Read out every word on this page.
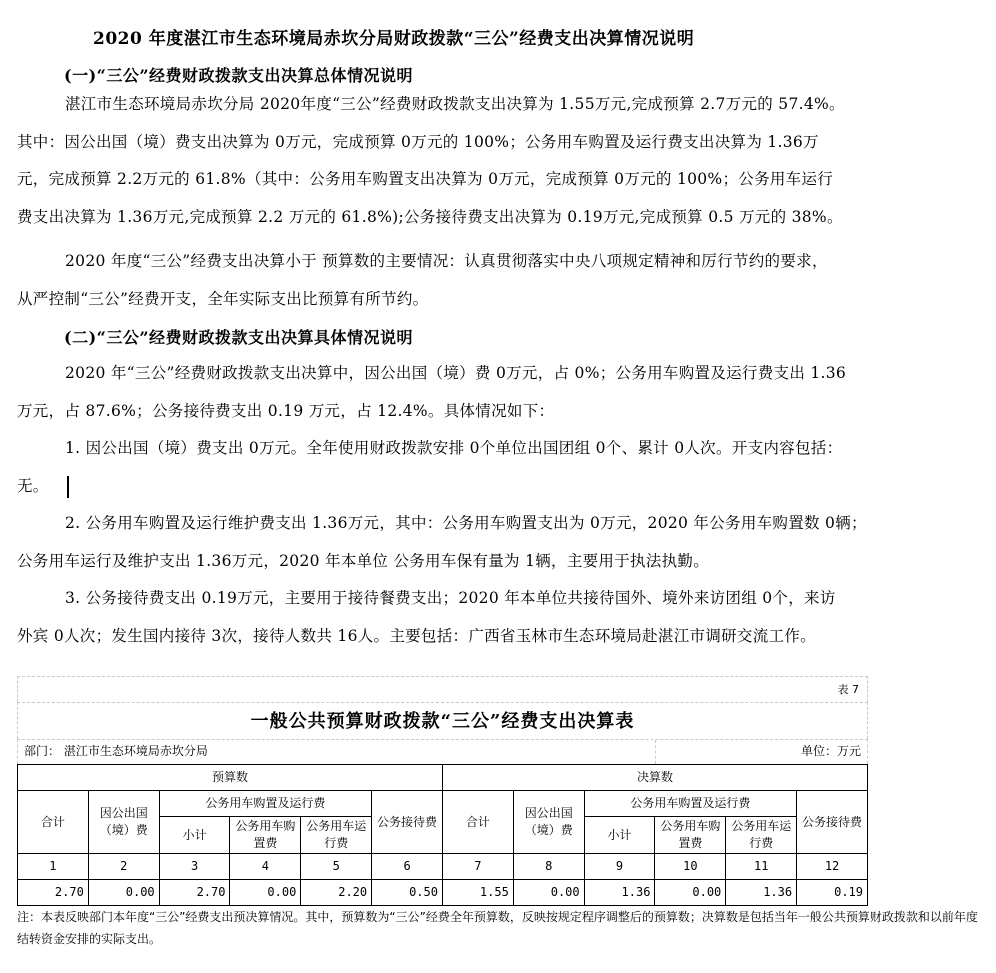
2020 年度湛江市生态环境局赤坎分局财政拨款“三公”经费支出决算情况说明
(一)“三公”经费财政拨款支出决算总体情况说明
湛江市生态环境局赤坎分局 2020年度“三公”经费财政拨款支出决算为 1.55万元,完成预算 2.7万元的 57.4%。
其中：因公出国（境）费支出决算为 0万元，完成预算 0万元的 100%；公务用车购置及运行费支出决算为 1.36万
元，完成预算 2.2万元的 61.8%（其中：公务用车购置支出决算为 0万元，完成预算 0万元的 100%；公务用车运行
费支出决算为 1.36万元,完成预算 2.2 万元的 61.8%);公务接待费支出决算为 0.19万元,完成预算 0.5 万元的 38%。
2020 年度“三公”经费支出决算小于 预算数的主要情况：认真贯彻落实中央八项规定精神和厉行节约的要求，
从严控制“三公”经费开支，全年实际支出比预算有所节约。
(二)“三公”经费财政拨款支出决算具体情况说明
2020 年“三公”经费财政拨款支出决算中，因公出国（境）费 0万元，占 0%；公务用车购置及运行费支出 1.36
万元，占 87.6%；公务接待费支出 0.19 万元，占 12.4%。具体情况如下：
1. 因公出国（境）费支出 0万元。全年使用财政拨款安排 0个单位出国团组 0个、累计 0人次。开支内容包括：
无。
2. 公务用车购置及运行维护费支出 1.36万元，其中：公务用车购置支出为 0万元，2020 年公务用车购置数 0辆；
公务用车运行及维护支出 1.36万元，2020 年本单位 公务用车保有量为 1辆，主要用于执法执勤。
3. 公务接待费支出 0.19万元，主要用于接待餐费支出；2020 年本单位共接待国外、境外来访团组 0个，来访
外宾 0人次；发生国内接待 3次，接待人数共 16人。主要包括：广西省玉林市生态环境局赴湛江市调研交流工作。
表 7
一般公共预算财政拨款“三公”经费支出决算表
部门： 湛江市生态环境局赤坎分局	单位：万元
预算数						决算数					
合计	因公出国（境）费	公务用车购置及运行费			公务接待费	合计	因公出国（境）费	公务用车购置及运行费			公务接待费
		小计	公务用车购置费	公务用车运行费				小计	公务用车购置费	公务用车运行费	
1	2	3	4	5	6	7	8	9	10	11	12
2.70	0.00	2.70	0.00	2.20	0.50	1.55	0.00	1.36	0.00	1.36	0.19
注：本表反映部门本年度“三公”经费支出预决算情况。其中，预算数为“三公”经费全年预算数，反映按规定程序调整后的预算数；决算数是包括当年一般公共预算财政拨款和以前年度结转资金安排的实际支出。
